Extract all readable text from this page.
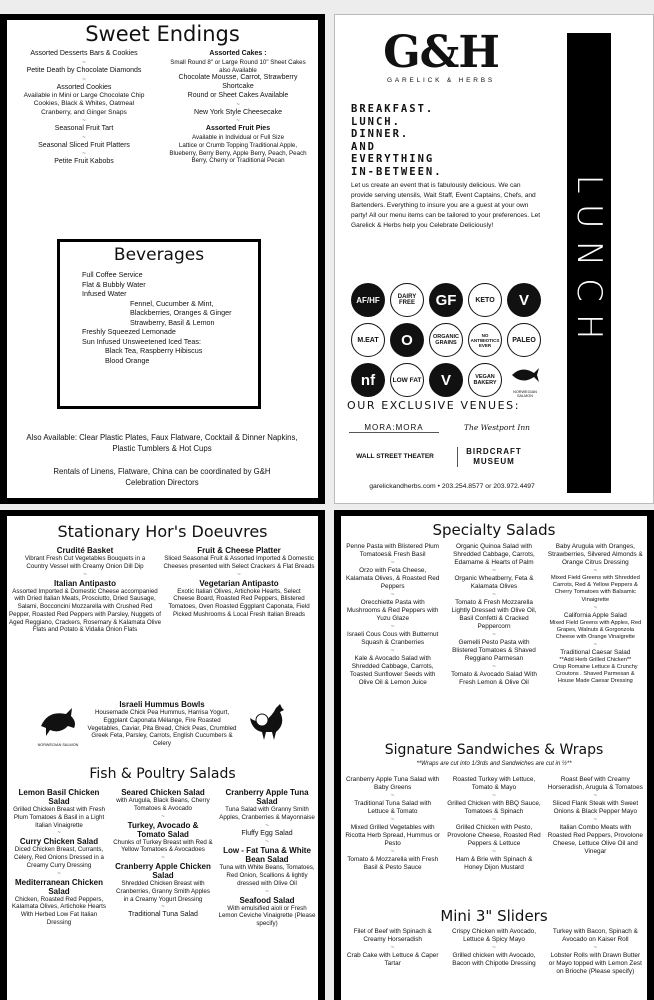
Sweet Endings
Assorted Desserts Bars & Cookies
~
Petite Death by Chocolate Diamonds
~
Assorted Cookies
Available in Mini or Large Chocolate Chip Cookies, Black & Whites, Oatmeal Cranberry, and Ginger Snaps
~
Seasonal Fruit Tart
~
Seasonal Sliced Fruit Platters
~
Petite Fruit Kabobs
Assorted Cakes :
Small Round 8" or Large Round 10" Sheet Cakes also Available
Chocolate Mousse, Carrot, Strawberry Shortcake
Round or Sheet Cakes Available
~
New York Style Cheesecake
~
Assorted Fruit Pies
Available in Individual or Full Size
Lattice or Crumb Topping Traditional Apple, Blueberry, Berry Berry, Apple Berry, Peach, Peach Berry, Cherry or Traditional Pecan
Beverages
Full Coffee Service
Flat & Bubbly Water
Infused Water
Fennel, Cucumber & Mint, Blackberries, Oranges & Ginger Strawberry, Basil & Lemon
Freshly Squeezed Lemonade
Sun Infused Unsweetened Iced Teas:
Black Tea, Raspberry Hibiscus Blood Orange
Also Available: Clear Plastic Plates, Faux Flatware, Cocktail & Dinner Napkins, Plastic Tumblers & Hot Cups
Rentals of Linens, Flatware, China can be coordinated by G&H Celebration Directors
G&H
GARELICK & HERBS
BREAKFAST.
LUNCH.
DINNER.
AND
EVERYTHING
IN-BETWEEN.
Let us create an event that is fabulously delicious. We can provide serving utensils, Wait Staff, Event Captains, Chefs, and Bartenders. Everything to insure you are a guest at your own party! All our menu items can be tailored to your preferences. Let Garelick & Herbs help you Celebrate Deliciously!
AF/HF	DAIRY FREE	GF	KETO	V
M.EAT	O	ORGANIC GRAINS
NO ANTIBIOTICS EVER
PALEO
nf	LOW FAT	V	VEGAN BAKERY
NORWEGIAN SALMON
OUR EXCLUSIVE VENUES:
MORA:MORA	The Westport Inn
WALL STREET THEATER
BIRDCRAFT MUSEUM
garelickandherbs.com • 203.254.8577 or 203.972.4497
LUNCH
Stationary Hor's Doeuvres
Crudité Basket
Vibrant Fresh Cut Vegetables Bouquets in a Country Vessel with Creamy Onion Dill Dip
~
Italian Antipasto
Assorted Imported & Domestic Cheese accompanied with Dried Italian Meats, Prosciutto, Dried Sausage, Salami, Bocconcini Mozzarella with Crushed Red Pepper, Roasted Red Peppers with Parsley, Nuggets of Aged Reggiano, Crackers, Rosemary & Kalamata Olive Flats and Potato & Vidalia Onion Flats
Fruit & Cheese Platter
Sliced Seasonal Fruit & Assorted Imported & Domestic Cheeses presented with Select Crackers & Flat Breads
~
Vegetarian Antipasto
Exotic Italian Olives, Artichoke Hearts, Select Cheese Board, Roasted Red Peppers, Blistered Tomatoes, Oven Roasted Eggplant Caponata, Field Picked Mushrooms & Local Fresh Italian Breads
NORWEGIAN SALMON
Israeli Hummus Bowls
Housemade Chick Pea Hummus, Harrisa Yogurt, Eggplant Caponata Mélange, Fire Roasted Vegetables, Caviar, Pita Bread, Chick Peas, Crumbled Greek Feta, Parsley, Carrots, English Cucumbers & Celery
Fish & Poultry Salads
Lemon Basil Chicken Salad
Grilled Chicken Breast with Fresh Plum Tomatoes & Basil in a Light Italian Vinaigrette
~
Curry Chicken Salad
Diced Chicken Breast, Currants, Celery, Red Onions Dressed in a Creamy Curry Dressing
~
Mediterranean Chicken Salad
Chicken, Roasted Red Peppers, Kalamata Olives, Artichoke Hearts With Herbed Low Fat Italian Dressing
Seared Chicken Salad
with Arugula, Black Beans, Cherry Tomatoes & Avocado
~
Turkey, Avocado & Tomato Salad
Chunks of Turkey Breast with Red & Yellow Tomatoes & Avocadoes
~
Cranberry Apple Chicken Salad
Shredded Chicken Breast with Cranberries, Granny Smith Apples in a Creamy Yogurt Dressing
~
Traditional Tuna Salad
Cranberry Apple Tuna Salad
Tuna Salad with Granny Smith Apples, Cranberries & Mayonnaise
~
Fluffy Egg Salad
~
Low - Fat Tuna & White Bean Salad
Tuna with White Beans, Tomatoes, Red Onion, Scallions & lightly dressed with Olive Oil
~
Seafood Salad
With emulsified aioli or Fresh Lemon Ceviche Vinaigrette (Please specify)
Specialty Salads
Penne Pasta with Blistered Plum Tomatoes& Fresh Basil
~
Orzo with Feta Cheese, Kalamata Olives, & Roasted Red Peppers
~
Orecchiette Pasta with Mushrooms & Red Peppers with Yuzu Glaze
~
Israeli Cous Cous with Butternut Squash & Cranberries
~
Kale & Avocado Salad with Shredded Cabbage, Carrots, Toasted Sunflower Seeds with Olive Oil & Lemon Juice
Organic Quinoa Salad with Shredded Cabbage, Carrots, Edamame & Hearts of Palm
~
Organic Wheatberry, Feta & Kalamata Olives
~
Tomato & Fresh Mozzarella Lightly Dressed with Olive Oil, Basil Confetti & Cracked Peppercorn
~
Gemelli Pesto Pasta with Blistered Tomatoes & Shaved Reggiano Parmesan
~
Tomato & Avocado Salad With Fresh Lemon & Olive Oil
Baby Arugula with Oranges, Strawberries, Silvered Almonds & Orange Citrus Dressing
~
Mixed Field Greens with Shredded Carrots, Red & Yellow Peppers & Cherry Tomatoes with Balsamic Vinaigrette
~
California Apple Salad
Mixed Field Greens with Apples, Red Grapes, Walnuts & Gorgonzola Cheese with Orange Vinaigrette
~
Traditional Caesar Salad
**Add Herb Grilled Chicken**
Crisp Romaine Lettuce & Crunchy Croutons . Shaved Parmesan & House Made Caesar Dressing
Signature Sandwiches & Wraps
**Wraps are cut into 1/3rds and Sandwiches are cut in ½**
Cranberry Apple Tuna Salad with Baby Greens
~
Traditional Tuna Salad with Lettuce & Tomato
~
Mixed Grilled Vegetables with Ricotta Herb Spread, Hummus or Pesto
~
Tomato & Mozzarella with Fresh Basil & Pesto Sauce
Roasted Turkey with Lettuce, Tomato & Mayo
~
Grilled Chicken with BBQ Sauce, Tomatoes & Spinach
~
Grilled Chicken with Pesto, Provolone Cheese, Roasted Red Peppers & Lettuce
~
Ham & Brie with Spinach & Honey Dijon Mustard
Roast Beef with Creamy Horseradish, Arugula & Tomatoes
~
Sliced Flank Steak with Sweet Onions & Black Pepper Mayo
~
Italian Combo Meats with Roasted Red Peppers, Provolone Cheese, Lettuce Olive Oil and Vinegar
Mini 3" Sliders
Filet of Beef with Spinach & Creamy Horseradish
~
Crab Cake with Lettuce & Caper Tartar
Crispy Chicken with Avocado, Lettuce & Spicy Mayo
~
Grilled chicken with Avocado, Bacon with Chipotle Dressing
Turkey with Bacon, Spinach & Avocado on Kaiser Roll
~
Lobster Rolls with Drawn Butter or Mayo topped with Lemon Zest on Brioche (Please specify)
